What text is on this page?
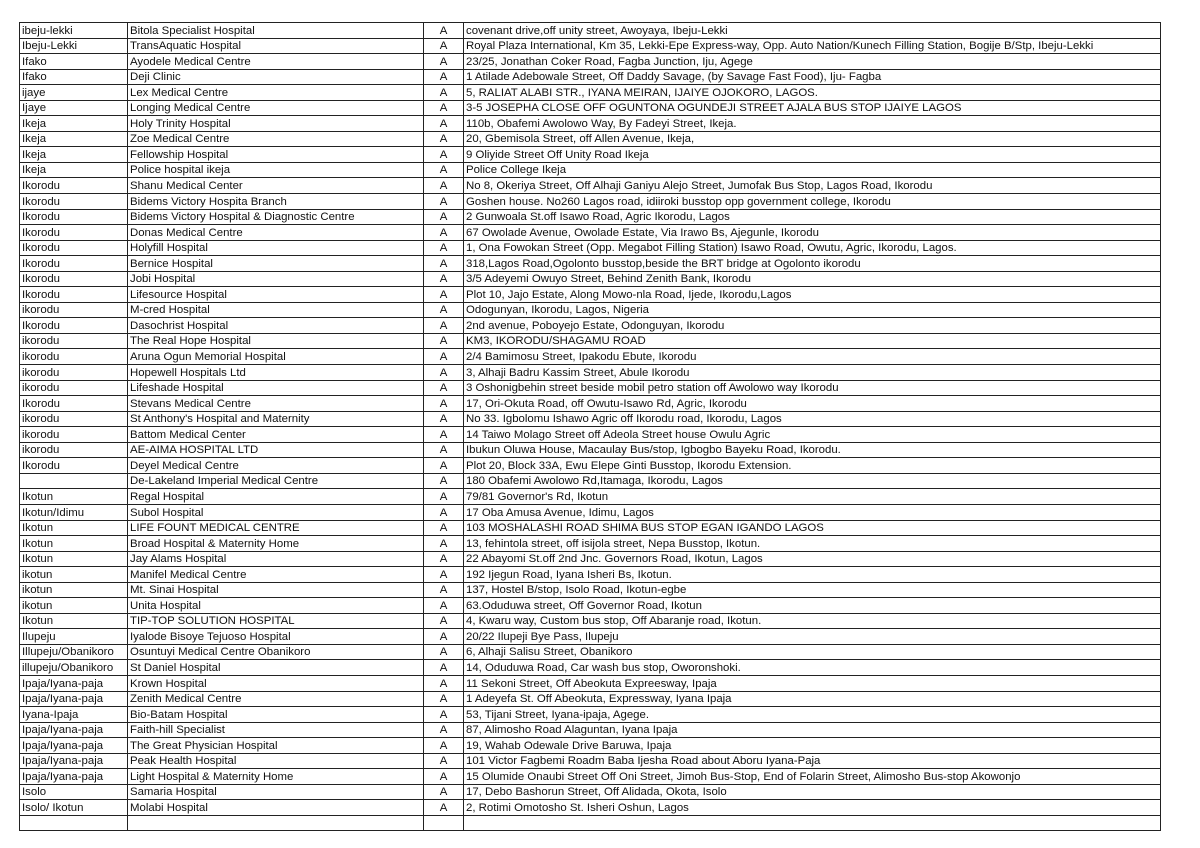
ibeju-lekki	Bitola Specialist Hospital	A	covenant drive,off unity street, Awoyaya, Ibeju-Lekki
Ibeju-Lekki	TransAquatic Hospital	A	Royal Plaza International, Km 35, Lekki-Epe Express-way, Opp. Auto Nation/Kunech Filling Station, Bogije B/Stp, Ibeju-Lekki
Ifako	Ayodele Medical Centre	A	23/25, Jonathan Coker Road, Fagba Junction, Iju, Agege
Ifako	Deji Clinic	A	1 Atilade Adebowale Street, Off Daddy Savage, (by Savage Fast Food), Iju- Fagba
ijaye	Lex Medical Centre	A	5, RALIAT ALABI STR., IYANA MEIRAN, IJAIYE OJOKORO, LAGOS.
Ijaye	Longing Medical Centre	A	3-5 JOSEPHA CLOSE OFF OGUNTONA OGUNDEJI STREET AJALA BUS STOP IJAIYE LAGOS
Ikeja	Holy Trinity Hospital	A	110b, Obafemi Awolowo Way, By Fadeyi Street, Ikeja.
Ikeja	Zoe Medical Centre	A	20, Gbemisola Street, off Allen Avenue, Ikeja,
Ikeja	Fellowship Hospital	A	9 Oliyide Street Off Unity Road Ikeja
Ikeja	Police hospital ikeja	A	Police College Ikeja
Ikorodu	Shanu Medical Center	A	No 8, Okeriya Street, Off Alhaji Ganiyu Alejo Street, Jumofak Bus Stop, Lagos Road, Ikorodu
Ikorodu	Bidems Victory Hospita Branch	A	Goshen house. No260 Lagos road, idiiroki busstop opp government college, Ikorodu
Ikorodu	Bidems Victory Hospital & Diagnostic Centre	A	2 Gunwoala St.off Isawo Road, Agric Ikorodu, Lagos
Ikorodu	Donas Medical Centre	A	67 Owolade Avenue, Owolade Estate, Via Irawo Bs, Ajegunle, Ikorodu
Ikorodu	Holyfill Hospital	A	1, Ona Fowokan Street (Opp. Megabot Filling Station) Isawo Road, Owutu, Agric, Ikorodu, Lagos.
Ikorodu	Bernice Hospital	A	318,Lagos Road,Ogolonto busstop,beside the BRT bridge at Ogolonto ikorodu
Ikorodu	Jobi Hospital	A	3/5 Adeyemi Owuyo Street, Behind Zenith Bank, Ikorodu
Ikorodu	Lifesource Hospital	A	Plot 10, Jajo Estate, Along Mowo-nla Road, Ijede, Ikorodu,Lagos
ikorodu	M-cred Hospital	A	Odogunyan, Ikorodu, Lagos, Nigeria
Ikorodu	Dasochrist Hospital	A	2nd avenue, Poboyejo Estate, Odonguyan, Ikorodu
ikorodu	The Real Hope Hospital	A	KM3, IKORODU/SHAGAMU ROAD
ikorodu	Aruna Ogun Memorial Hospital	A	2/4 Bamimosu Street, Ipakodu Ebute, Ikorodu
ikorodu	Hopewell Hospitals Ltd	A	3, Alhaji Badru Kassim Street, Abule Ikorodu
ikorodu	Lifeshade Hospital	A	3 Oshonigbehin street beside mobil petro station off Awolowo way Ikorodu
Ikorodu	Stevans Medical Centre	A	17, Ori-Okuta Road, off Owutu-Isawo Rd, Agric, Ikorodu
ikorodu	St Anthony's Hospital and Maternity	A	No 33. Igbolomu Ishawo Agric off Ikorodu road, Ikorodu, Lagos
ikorodu	Battom Medical Center	A	14 Taiwo Molago Street off Adeola Street house Owulu Agric
ikorodu	AE-AIMA HOSPITAL LTD	A	Ibukun Oluwa House, Macaulay Bus/stop, Igbogbo Bayeku Road, Ikorodu.
Ikorodu	Deyel Medical Centre	A	Plot 20, Block 33A, Ewu Elepe Ginti Busstop, Ikorodu Extension.
	De-Lakeland Imperial Medical Centre	A	180 Obafemi Awolowo Rd,Itamaga, Ikorodu, Lagos
Ikotun	Regal Hospital	A	79/81 Governor's Rd, Ikotun
Ikotun/Idimu	Subol Hospital	A	17 Oba Amusa Avenue, Idimu, Lagos
Ikotun	LIFE FOUNT MEDICAL CENTRE	A	103 MOSHALASHI ROAD SHIMA BUS STOP EGAN IGANDO LAGOS
Ikotun	Broad Hospital & Maternity Home	A	13, fehintola street, off isijola street, Nepa Busstop, Ikotun.
Ikotun	Jay Alams Hospital	A	22 Abayomi St.off 2nd Jnc. Governors Road, Ikotun, Lagos
ikotun	Manifel Medical Centre	A	192 Ijegun Road, Iyana Isheri Bs, Ikotun.
ikotun	Mt. Sinai Hospital	A	137, Hostel B/stop, Isolo Road, Ikotun-egbe
ikotun	Unita Hospital	A	63.Oduduwa street, Off Governor Road, Ikotun
Ikotun	TIP-TOP SOLUTION HOSPITAL	A	4, Kwaru way, Custom bus stop, Off Abaranje road, Ikotun.
Ilupeju	Iyalode Bisoye Tejuoso Hospital	A	20/22 Ilupeji Bye Pass, Ilupeju
Illupeju/Obanikoro	Osuntuyi Medical Centre Obanikoro	A	6, Alhaji Salisu Street, Obanikoro
illupeju/Obanikoro	St Daniel Hospital	A	14, Oduduwa Road, Car wash bus stop, Oworonshoki.
Ipaja/Iyana-paja	Krown Hospital	A	11 Sekoni Street, Off Abeokuta Expreesway, Ipaja
Ipaja/Iyana-paja	Zenith Medical Centre	A	1 Adeyefa St. Off Abeokuta, Expressway, Iyana Ipaja
Iyana-Ipaja	Bio-Batam Hospital	A	53, Tijani Street, Iyana-ipaja, Agege.
Ipaja/Iyana-paja	Faith-hill Specialist	A	87, Alimosho Road Alaguntan, Iyana Ipaja
Ipaja/Iyana-paja	The Great Physician Hospital	A	19, Wahab Odewale Drive Baruwa, Ipaja
Ipaja/Iyana-paja	Peak Health Hospital	A	101 Victor Fagbemi Roadm Baba Ijesha Road about Aboru Iyana-Paja
Ipaja/Iyana-paja	Light Hospital & Maternity Home	A	15 Olumide Onaubi Street Off Oni Street, Jimoh Bus-Stop, End of Folarin Street, Alimosho Bus-stop Akowonjo
Isolo	Samaria Hospital	A	17, Debo Bashorun Street, Off Alidada, Okota, Isolo
Isolo/ Ikotun	Molabi Hospital	A	2, Rotimi Omotosho St. Isheri Oshun, Lagos
